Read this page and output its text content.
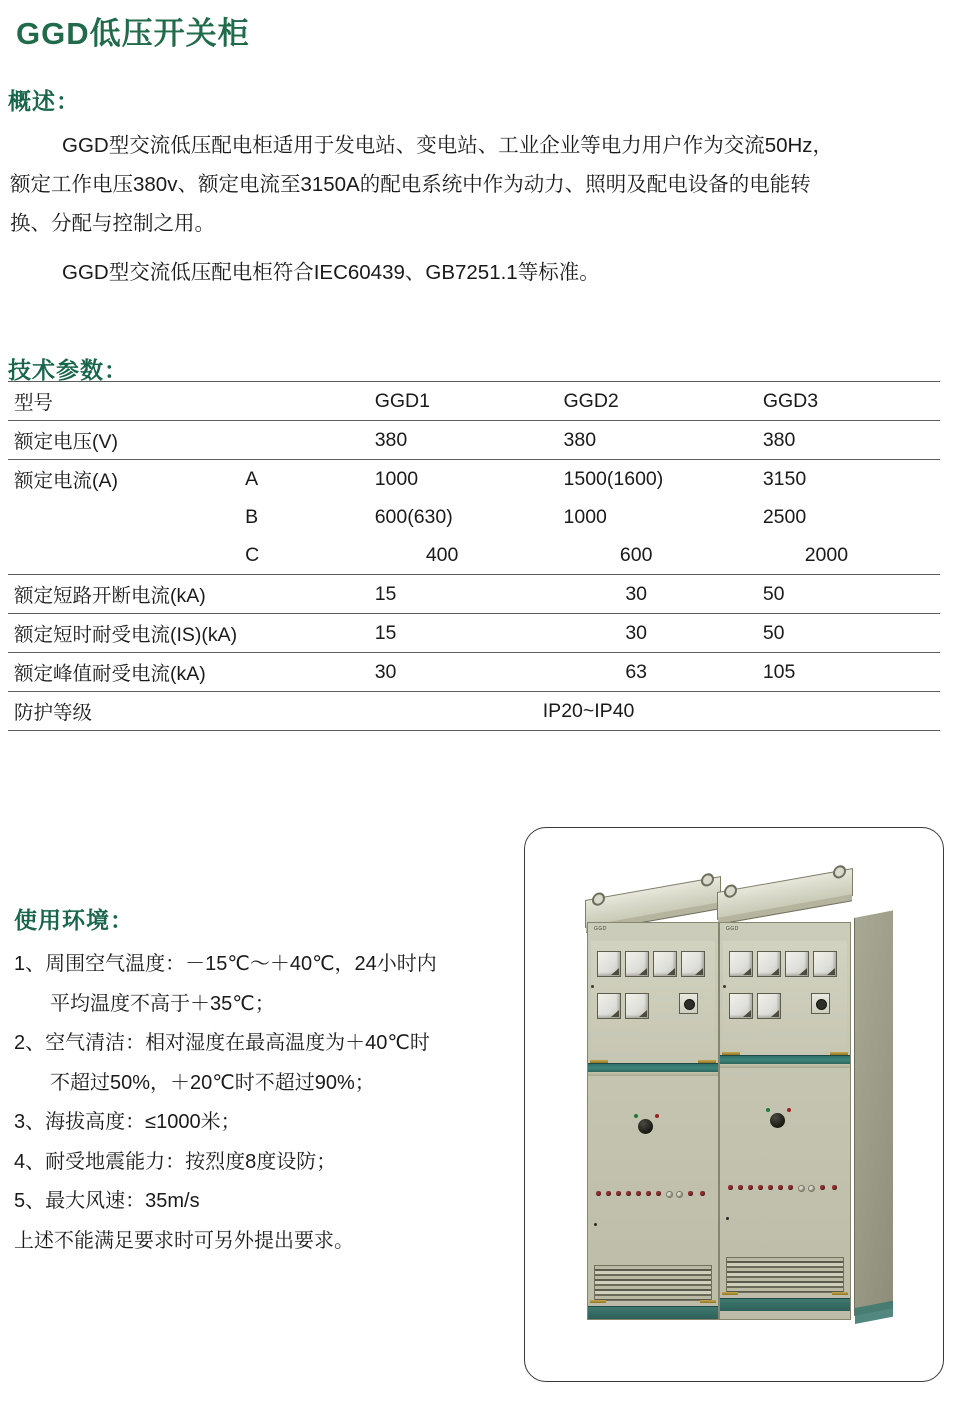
GGD低压开关柜
概述：

GGD型交流低压配电柜适用于发电站、变电站、工业企业等电力用户作为交流50Hz，

额定工作电压380v、额定电流至3150A的配电系统中作为动力、照明及配电设备的电能转

换、分配与控制之用。

GGD型交流低压配电柜符合IEC60439、GB7251.1等标准。

技术参数：
型号		GGD1	GGD2	GGD3
额定电压(V)		380	380	380
额定电流(A)	A	1000	1500(1600)	3150
	B	600(630)	1000	2500
	C	400	600	2000
额定短路开断电流(kA)		15	30	50
额定短时耐受电流(IS)(kA)		15	30	50
额定峰值耐受电流(kA)		30	63	105
防护等级	IP20~IP40			
使用环境：
1、周围空气温度：－15℃～＋40℃，24小时内
平均温度不高于＋35℃；
2、空气清洁：相对湿度在最高温度为＋40℃时
不超过50%，＋20℃时不超过90%；
3、海拔高度：≤1000米；
4、耐受地震能力：按烈度8度设防；
5、最大风速：35m/s
上述不能满足要求时可另外提出要求。
GGD	GGD
